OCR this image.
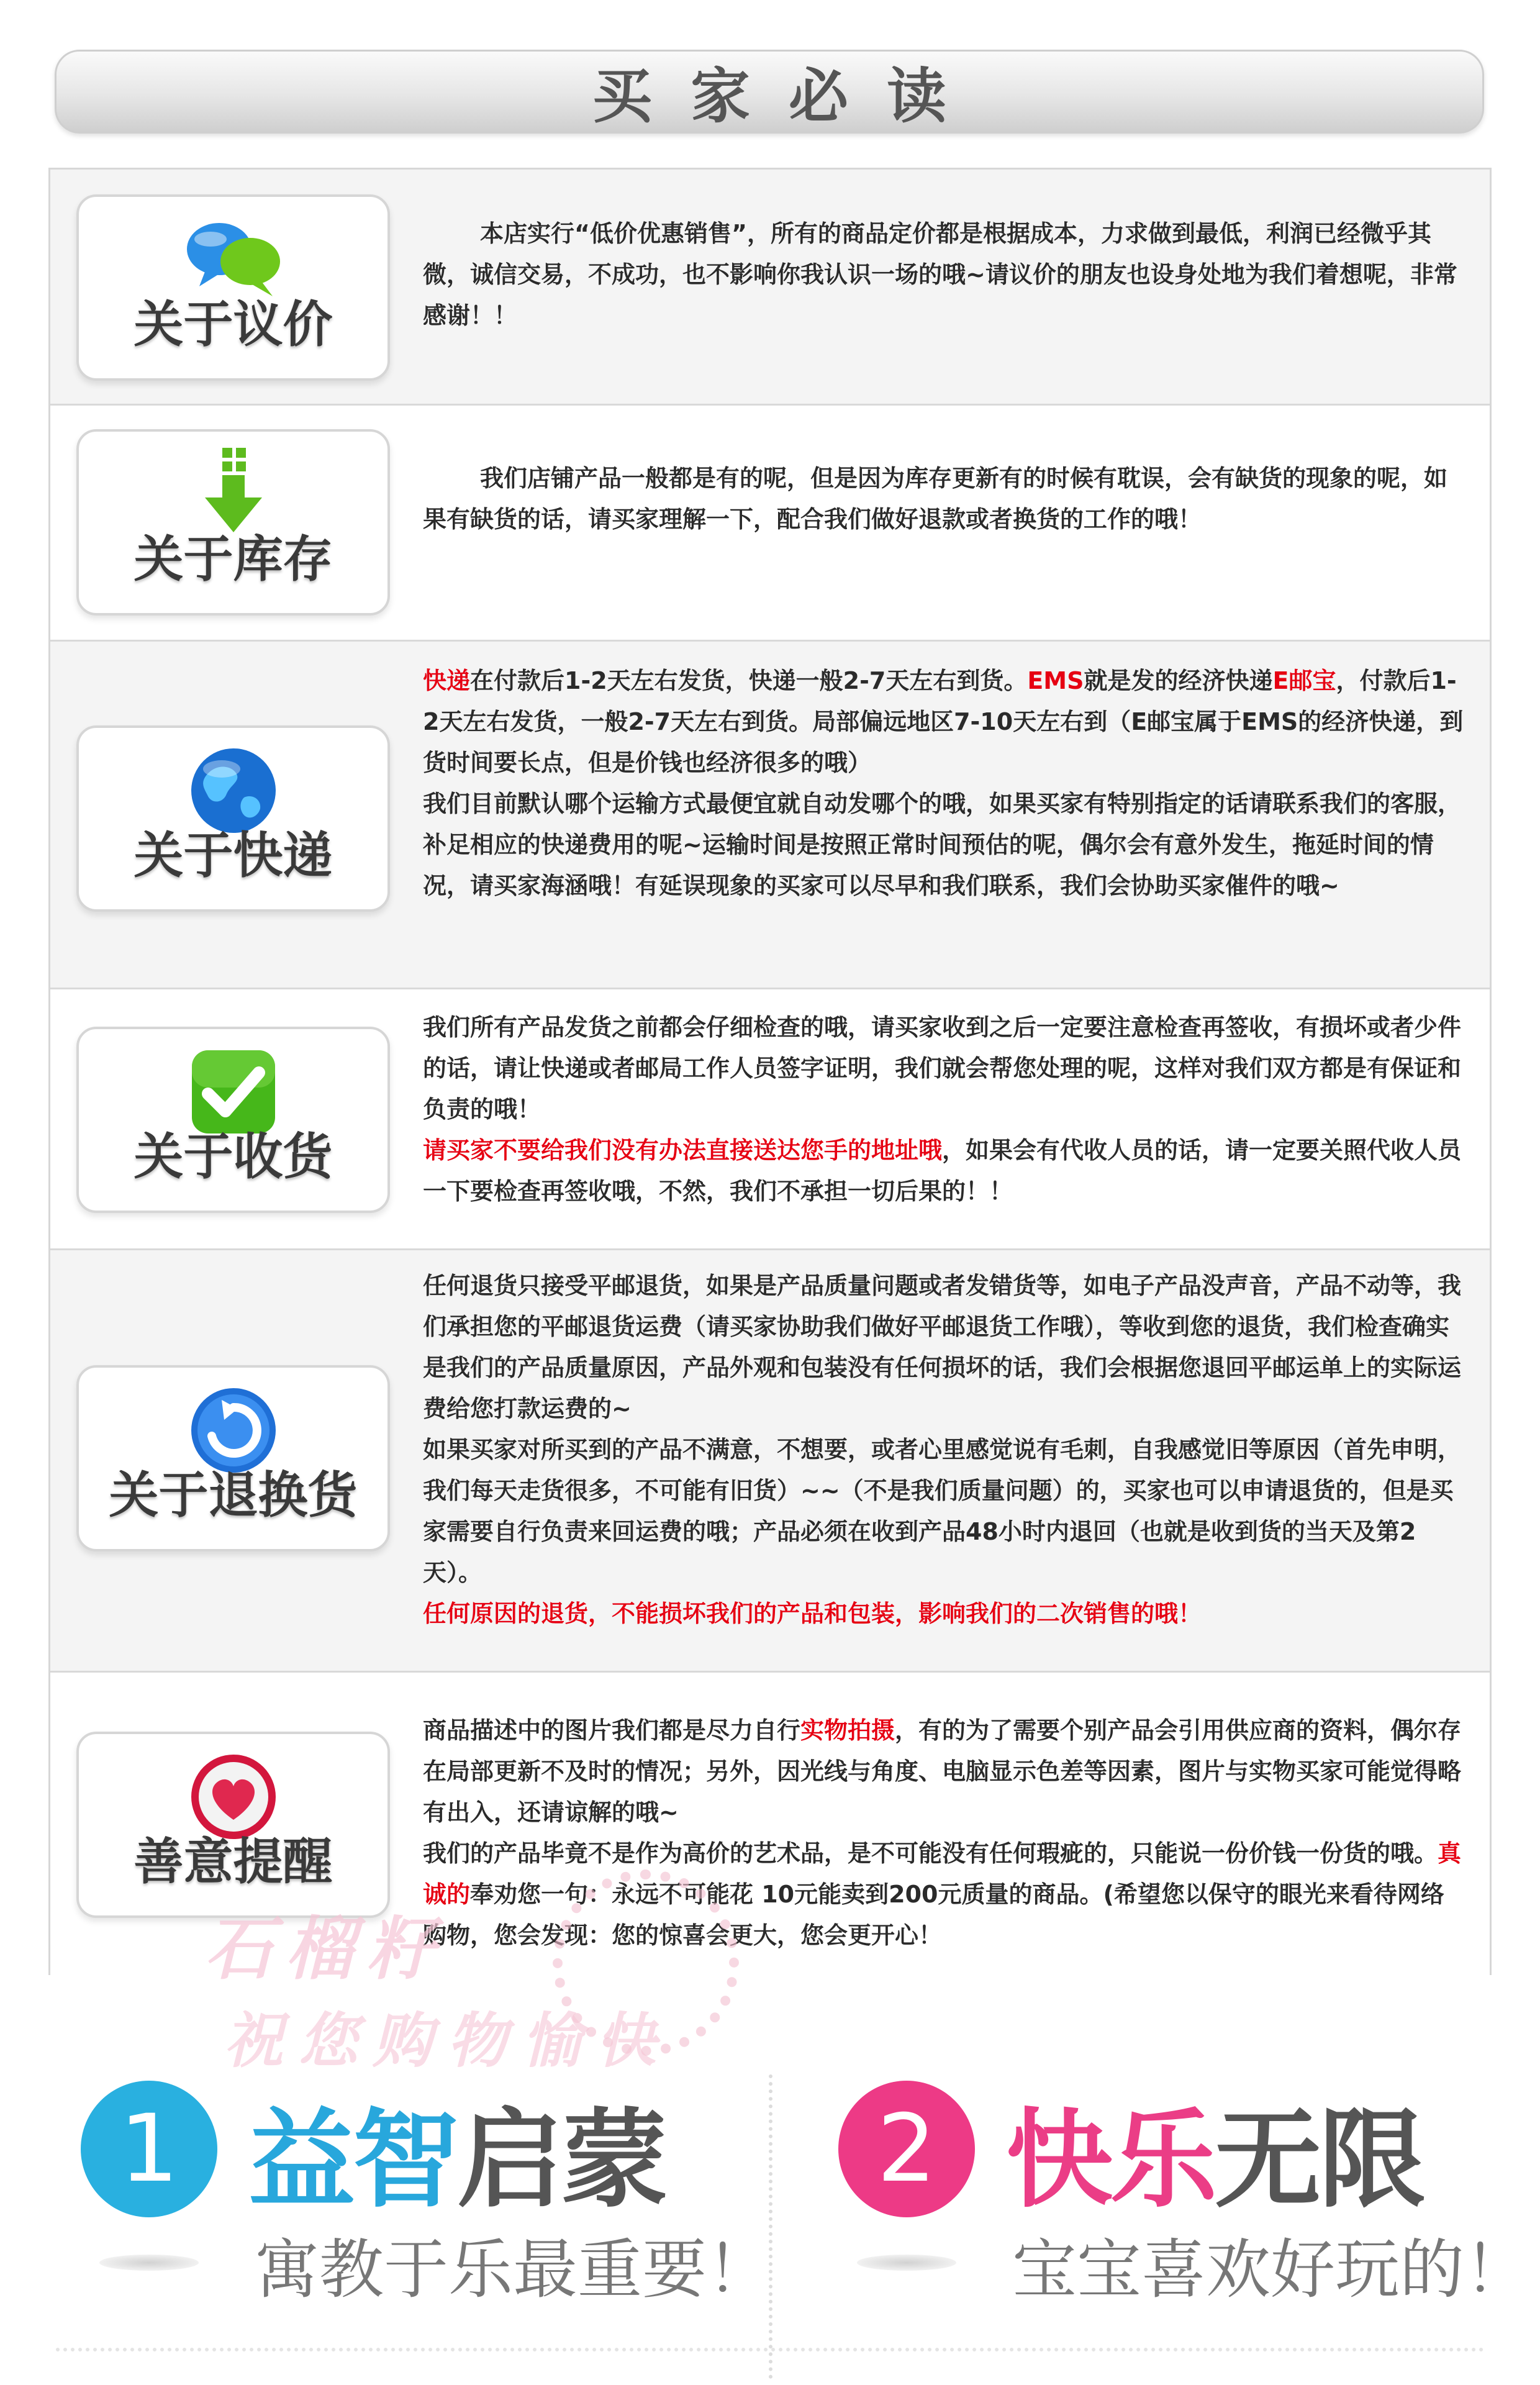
买家必读
关于议价

本店实行“低价优惠销售”，所有的商品定价都是根据成本，力求做到最低，利润已经微乎其微，诚信交易，不成功，也不影响你我认识一场的哦~请议价的朋友也设身处地为我们着想呢，非常感谢！！

关于库存

我们店铺产品一般都是有的呢，但是因为库存更新有的时候有耽误，会有缺货的现象的呢，如果有缺货的话，请买家理解一下，配合我们做好退款或者换货的工作的哦！

关于快递

快递在付款后1-2天左右发货，快递一般2-7天左右到货。EMS就是发的经济快递E邮宝，付款后1-2天左右发货，一般2-7天左右到货。局部偏远地区7-10天左右到（E邮宝属于EMS的经济快递，到货时间要长点，但是价钱也经济很多的哦）

我们目前默认哪个运输方式最便宜就自动发哪个的哦，如果买家有特别指定的话请联系我们的客服，补足相应的快递费用的呢~运输时间是按照正常时间预估的呢，偶尔会有意外发生，拖延时间的情况，请买家海涵哦！有延误现象的买家可以尽早和我们联系，我们会协助买家催件的哦~

关于收货

我们所有产品发货之前都会仔细检查的哦，请买家收到之后一定要注意检查再签收，有损坏或者少件的话，请让快递或者邮局工作人员签字证明，我们就会帮您处理的呢，这样对我们双方都是有保证和负责的哦！

请买家不要给我们没有办法直接送达您手的地址哦，如果会有代收人员的话，请一定要关照代收人员一下要检查再签收哦，不然，我们不承担一切后果的！！

关于退换货

任何退货只接受平邮退货，如果是产品质量问题或者发错货等，如电子产品没声音，产品不动等，我们承担您的平邮退货运费（请买家协助我们做好平邮退货工作哦），等收到您的退货，我们检查确实是我们的产品质量原因，产品外观和包装没有任何损坏的话，我们会根据您退回平邮运单上的实际运费给您打款运费的~

如果买家对所买到的产品不满意，不想要，或者心里感觉说有毛刺，自我感觉旧等原因（首先申明，我们每天走货很多，不可能有旧货）~~（不是我们质量问题）的，买家也可以申请退货的，但是买家需要自行负责来回运费的哦；产品必须在收到产品48小时内退回（也就是收到货的当天及第2天）。

任何原因的退货，不能损坏我们的产品和包装，影响我们的二次销售的哦！

善意提醒

商品描述中的图片我们都是尽力自行实物拍摄，有的为了需要个别产品会引用供应商的资料，偶尔存在局部更新不及时的情况；另外，因光线与角度、电脑显示色差等因素，图片与实物买家可能觉得略有出入，还请谅解的哦~

我们的产品毕竟不是作为高价的艺术品，是不可能没有任何瑕疵的，只能说一份价钱一份货的哦。真诚的奉劝您一句：永远不可能花 10元能卖到200元质量的商品。(希望您以保守的眼光来看待网络购物，您会发现：您的惊喜会更大，您会更开心！

石榴籽
祝您购物愉快
1 益智启蒙
寓教于乐最重要！
2 快乐无限
宝宝喜欢好玩的！
